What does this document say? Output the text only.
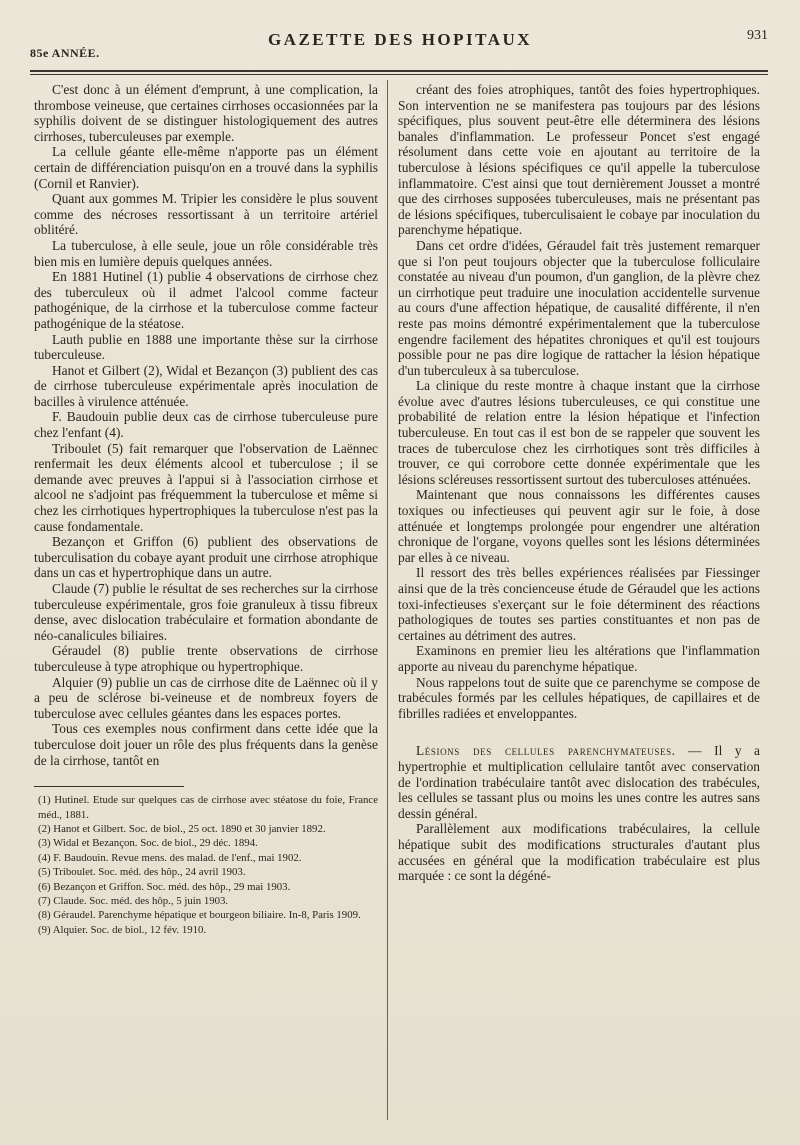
85e ANNÉE.
GAZETTE DES HOPITAUX	931

C'est donc à un élément d'emprunt, à une complication, la thrombose veineuse, que certaines cirrhoses occasionnées par la syphilis doivent de se distinguer histologiquement des autres cirrhoses, tuberculeuses par exemple.

La cellule géante elle-même n'apporte pas un élément certain de différenciation puisqu'on en a trouvé dans la syphilis (Cornil et Ranvier).

Quant aux gommes M. Tripier les considère le plus souvent comme des nécroses ressortissant à un territoire artériel oblitéré.

La tuberculose, à elle seule, joue un rôle considérable très bien mis en lumière depuis quelques années.

En 1881 Hutinel (1) publie 4 observations de cirrhose chez des tuberculeux où il admet l'alcool comme facteur pathogénique, de la cirrhose et la tuberculose comme facteur pathogénique de la stéatose.

Lauth publie en 1888 une importante thèse sur la cirrhose tuberculeuse.

Hanot et Gilbert (2), Widal et Bezançon (3) publient des cas de cirrhose tuberculeuse expérimentale après inoculation de bacilles à virulence atténuée.

F. Baudouin publie deux cas de cirrhose tuberculeuse pure chez l'enfant (4).

Triboulet (5) fait remarquer que l'observation de Laënnec renfermait les deux éléments alcool et tuberculose ; il se demande avec preuves à l'appui si à l'association cirrhose et alcool ne s'adjoint pas fréquemment la tuberculose et même si chez les cirrhotiques hypertrophiques la tuberculose n'est pas la cause fondamentale.

Bezançon et Griffon (6) publient des observations de tuberculisation du cobaye ayant produit une cirrhose atrophique dans un cas et hypertrophique dans un autre.

Claude (7) publie le résultat de ses recherches sur la cirrhose tuberculeuse expérimentale, gros foie granuleux à tissu fibreux dense, avec dislocation trabéculaire et formation abondante de néo-canalicules biliaires.

Géraudel (8) publie trente observations de cirrhose tuberculeuse à type atrophique ou hypertrophique.

Alquier (9) publie un cas de cirrhose dite de Laënnec où il y a peu de sclérose bi-veineuse et de nombreux foyers de tuberculose avec cellules géantes dans les espaces portes.

Tous ces exemples nous confirment dans cette idée que la tuberculose doit jouer un rôle des plus fréquents dans la genèse de la cirrhose, tantôt en

(1) Hutinel. Etude sur quelques cas de cirrhose avec stéatose du foie, France méd., 1881.

(2) Hanot et Gilbert. Soc. de biol., 25 oct. 1890 et 30 janvier 1892.

(3) Widal et Bezançon. Soc. de biol., 29 déc. 1894.

(4) F. Baudouin. Revue mens. des malad. de l'enf., mai 1902.

(5) Triboulet. Soc. méd. des hôp., 24 avril 1903.

(6) Bezançon et Griffon. Soc. méd. des hôp., 29 mai 1903.

(7) Claude. Soc. méd. des hôp., 5 juin 1903.

(8) Géraudel. Parenchyme hépatique et bourgeon biliaire. In-8, Paris 1909.

(9) Alquier. Soc. de biol., 12 fév. 1910.

créant des foies atrophiques, tantôt des foies hypertrophiques. Son intervention ne se manifestera pas toujours par des lésions spécifiques, plus souvent peut-être elle déterminera des lésions banales d'inflammation. Le professeur Poncet s'est engagé résolument dans cette voie en ajoutant au territoire de la tuberculose à lésions spécifiques ce qu'il appelle la tuberculose inflammatoire. C'est ainsi que tout dernièrement Jousset a montré que des cirrhoses supposées tuberculeuses, mais ne présentant pas de lésions spécifiques, tuberculisaient le cobaye par inoculation du parenchyme hépatique.

Dans cet ordre d'idées, Géraudel fait très justement remarquer que si l'on peut toujours objecter que la tuberculose folliculaire constatée au niveau d'un poumon, d'un ganglion, de la plèvre chez un cirrhotique peut traduire une inoculation accidentelle survenue au cours d'une affection hépatique, de causalité différente, il n'en reste pas moins démontré expérimentalement que la tuberculose engendre facilement des hépatites chroniques et qu'il est toujours possible pour ne pas dire logique de rattacher la lésion hépatique d'un tuberculeux à sa tuberculose.

La clinique du reste montre à chaque instant que la cirrhose évolue avec d'autres lésions tuberculeuses, ce qui constitue une probabilité de relation entre la lésion hépatique et l'infection tuberculeuse. En tout cas il est bon de se rappeler que souvent les traces de tuberculose chez les cirrhotiques sont très difficiles à trouver, ce qui corrobore cette donnée expérimentale que les lésions scléreuses ressortissent surtout des tuberculoses atténuées.

Maintenant que nous connaissons les différentes causes toxiques ou infectieuses qui peuvent agir sur le foie, à dose atténuée et longtemps prolongée pour engendrer une altération chronique de l'organe, voyons quelles sont les lésions déterminées par elles à ce niveau.

Il ressort des très belles expériences réalisées par Fiessinger ainsi que de la très concienceuse étude de Géraudel que les actions toxi-infectieuses s'exerçant sur le foie déterminent des réactions pathologiques de toutes ses parties constituantes et non pas de certaines au détriment des autres.

Examinons en premier lieu les altérations que l'inflammation apporte au niveau du parenchyme hépatique.

Nous rappelons tout de suite que ce parenchyme se compose de trabécules formés par les cellules hépatiques, de capillaires et de fibrilles radiées et enveloppantes.

Lésions des cellules parenchymateuses. — Il y a hypertrophie et multiplication cellulaire tantôt avec conservation de l'ordination trabéculaire tantôt avec dislocation des trabécules, les cellules se tassant plus ou moins les unes contre les autres sans dessin général.

Parallèlement aux modifications trabéculaires, la cellule hépatique subit des modifications structurales d'autant plus accusées en général que la modification trabéculaire est plus marquée : ce sont la dégéné-
